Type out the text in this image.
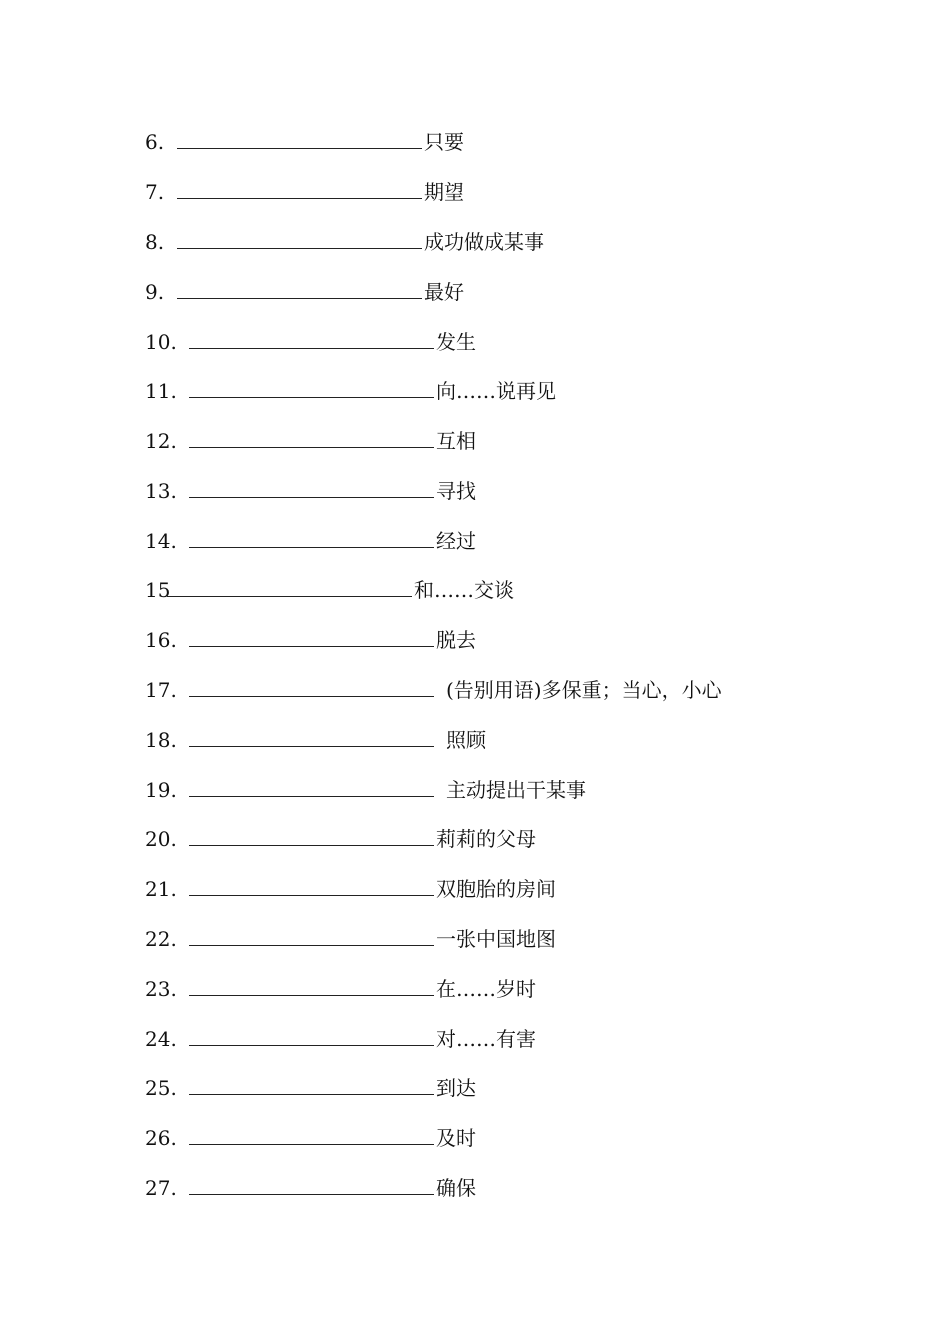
6.	只要
7.	期望
8.	成功做成某事
9.	最好
10.	发生
11.	向……说再见
12.	互相
13.	寻找
14.	经过
15	和……交谈
16.	脱去
17.	(告别用语)多保重；当心，小心
18.	照顾
19.	主动提出干某事
20.	莉莉的父母
21.	双胞胎的房间
22.	一张中国地图
23.	在……岁时
24.	对……有害
25.	到达
26.	及时
27.	确保
